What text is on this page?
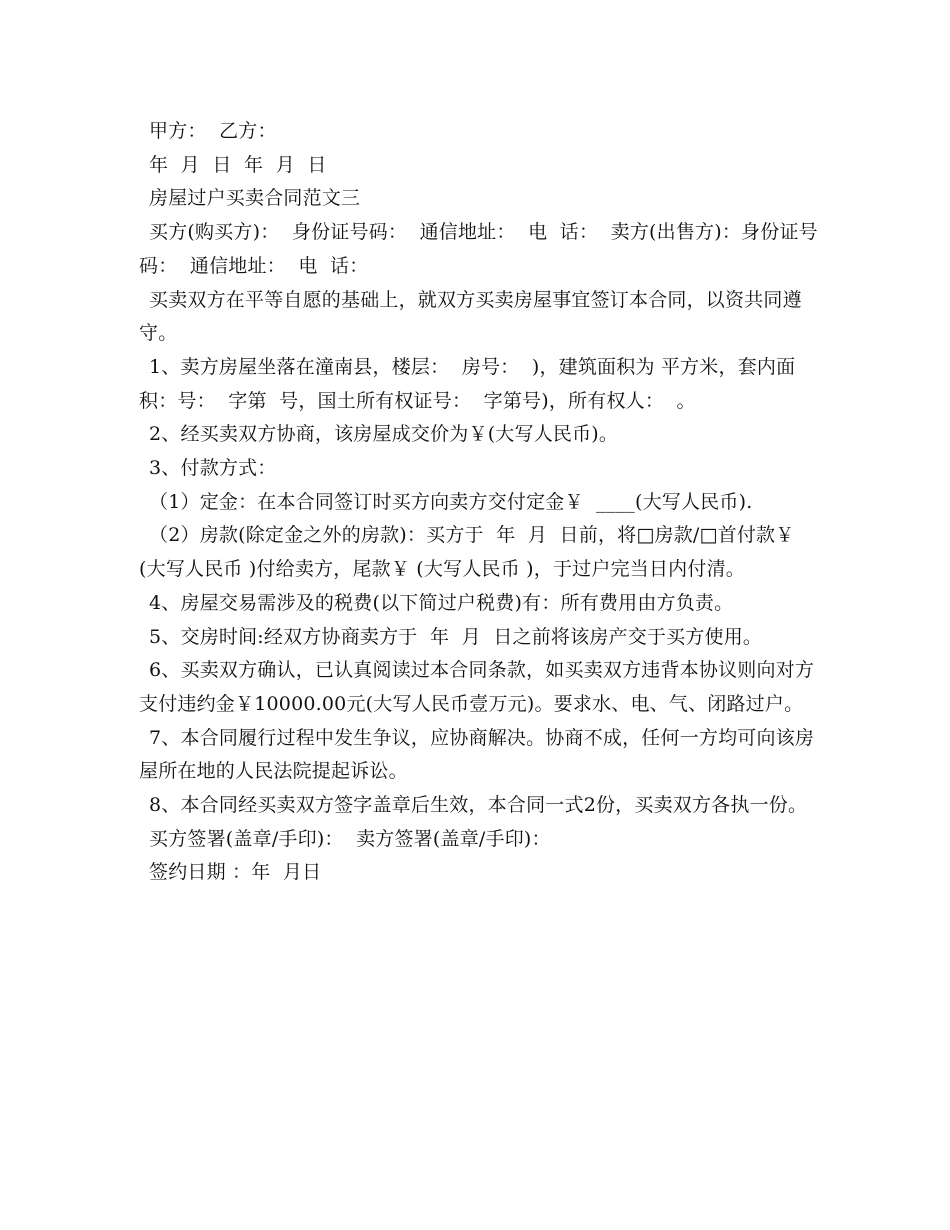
甲方：  乙方：

年  月  日  年  月  日

房屋过户买卖合同范文三

买方(购买方)：  身份证号码：  通信地址：  电  话：  卖方(出售方)：身份证号码：  通信地址：  电  话：

买卖双方在平等自愿的基础上，就双方买卖房屋事宜签订本合同，以资共同遵守。

1、卖方房屋坐落在潼南县，楼层：  房号：  )，建筑面积为 平方米，套内面积：号：  字第  号，国土所有权证号：  字第号)，所有权人：  。

2、经买卖双方协商，该房屋成交价为￥(大写人民币)。

3、付款方式：

（1）定金：在本合同签订时买方向卖方交付定金￥  ____(大写人民币).

（2）房款(除定金之外的房款)：买方于  年  月  日前，将□房款/□首付款￥ (大写人民币 )付给卖方，尾款￥ (大写人民币 )，于过户完当日内付清。

4、房屋交易需涉及的税费(以下简过户税费)有：所有费用由方负责。

5、交房时间:经双方协商卖方于  年  月  日之前将该房产交于买方使用。

6、买卖双方确认，已认真阅读过本合同条款，如买卖双方违背本协议则向对方支付违约金￥10000.00元(大写人民币壹万元)。要求水、电、气、闭路过户。

7、本合同履行过程中发生争议，应协商解决。协商不成，任何一方均可向该房屋所在地的人民法院提起诉讼。

8、本合同经买卖双方签字盖章后生效，本合同一式2份，买卖双方各执一份。

买方签署(盖章/手印)：  卖方签署(盖章/手印)：

签约日期 ：年  月日
